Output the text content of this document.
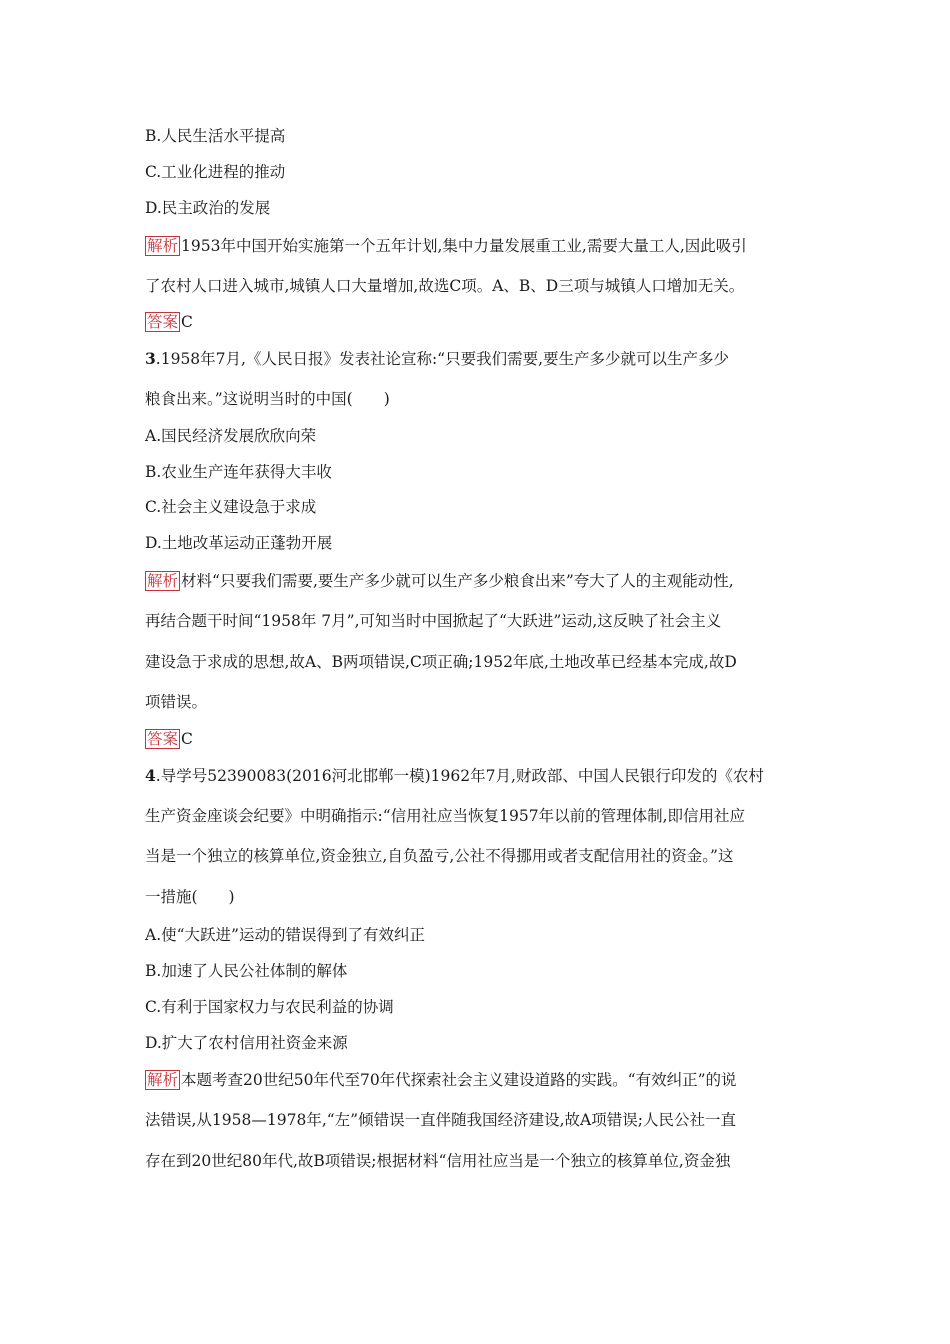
B.人民生活水平提高
C.工业化进程的推动
D.民主政治的发展
解析 1953年中国开始实施第一个五年计划,集中力量发展重工业,需要大量工人,因此吸引
了农村人口进入城市,城镇人口大量增加,故选C项。A、B、D三项与城镇人口增加无关。
答案 C
3.1958年7月,《人民日报》发表社论宣称:“只要我们需要,要生产多少就可以生产多少
粮食出来。”这说明当时的中国(　　)
A.国民经济发展欣欣向荣
B.农业生产连年获得大丰收
C.社会主义建设急于求成
D.土地改革运动正蓬勃开展
解析 材料“只要我们需要,要生产多少就可以生产多少粮食出来”夸大了人的主观能动性,
再结合题干时间“1958年 7月”,可知当时中国掀起了“大跃进”运动,这反映了社会主义
建设急于求成的思想,故A、B两项错误,C项正确;1952年底,土地改革已经基本完成,故D
项错误。
答案 C
4.导学号52390083(2016河北邯郸一模)1962年7月,财政部、中国人民银行印发的《农村
生产资金座谈会纪要》中明确指示:“信用社应当恢复1957年以前的管理体制,即信用社应
当是一个独立的核算单位,资金独立,自负盈亏,公社不得挪用或者支配信用社的资金。”这
一措施(　　)
A.使“大跃进”运动的错误得到了有效纠正
B.加速了人民公社体制的解体
C.有利于国家权力与农民利益的协调
D.扩大了农村信用社资金来源
解析 本题考查20世纪50年代至70年代探索社会主义建设道路的实践。“有效纠正”的说
法错误,从1958—1978年,“左”倾错误一直伴随我国经济建设,故A项错误;人民公社一直
存在到20世纪80年代,故B项错误;根据材料“信用社应当是一个独立的核算单位,资金独
